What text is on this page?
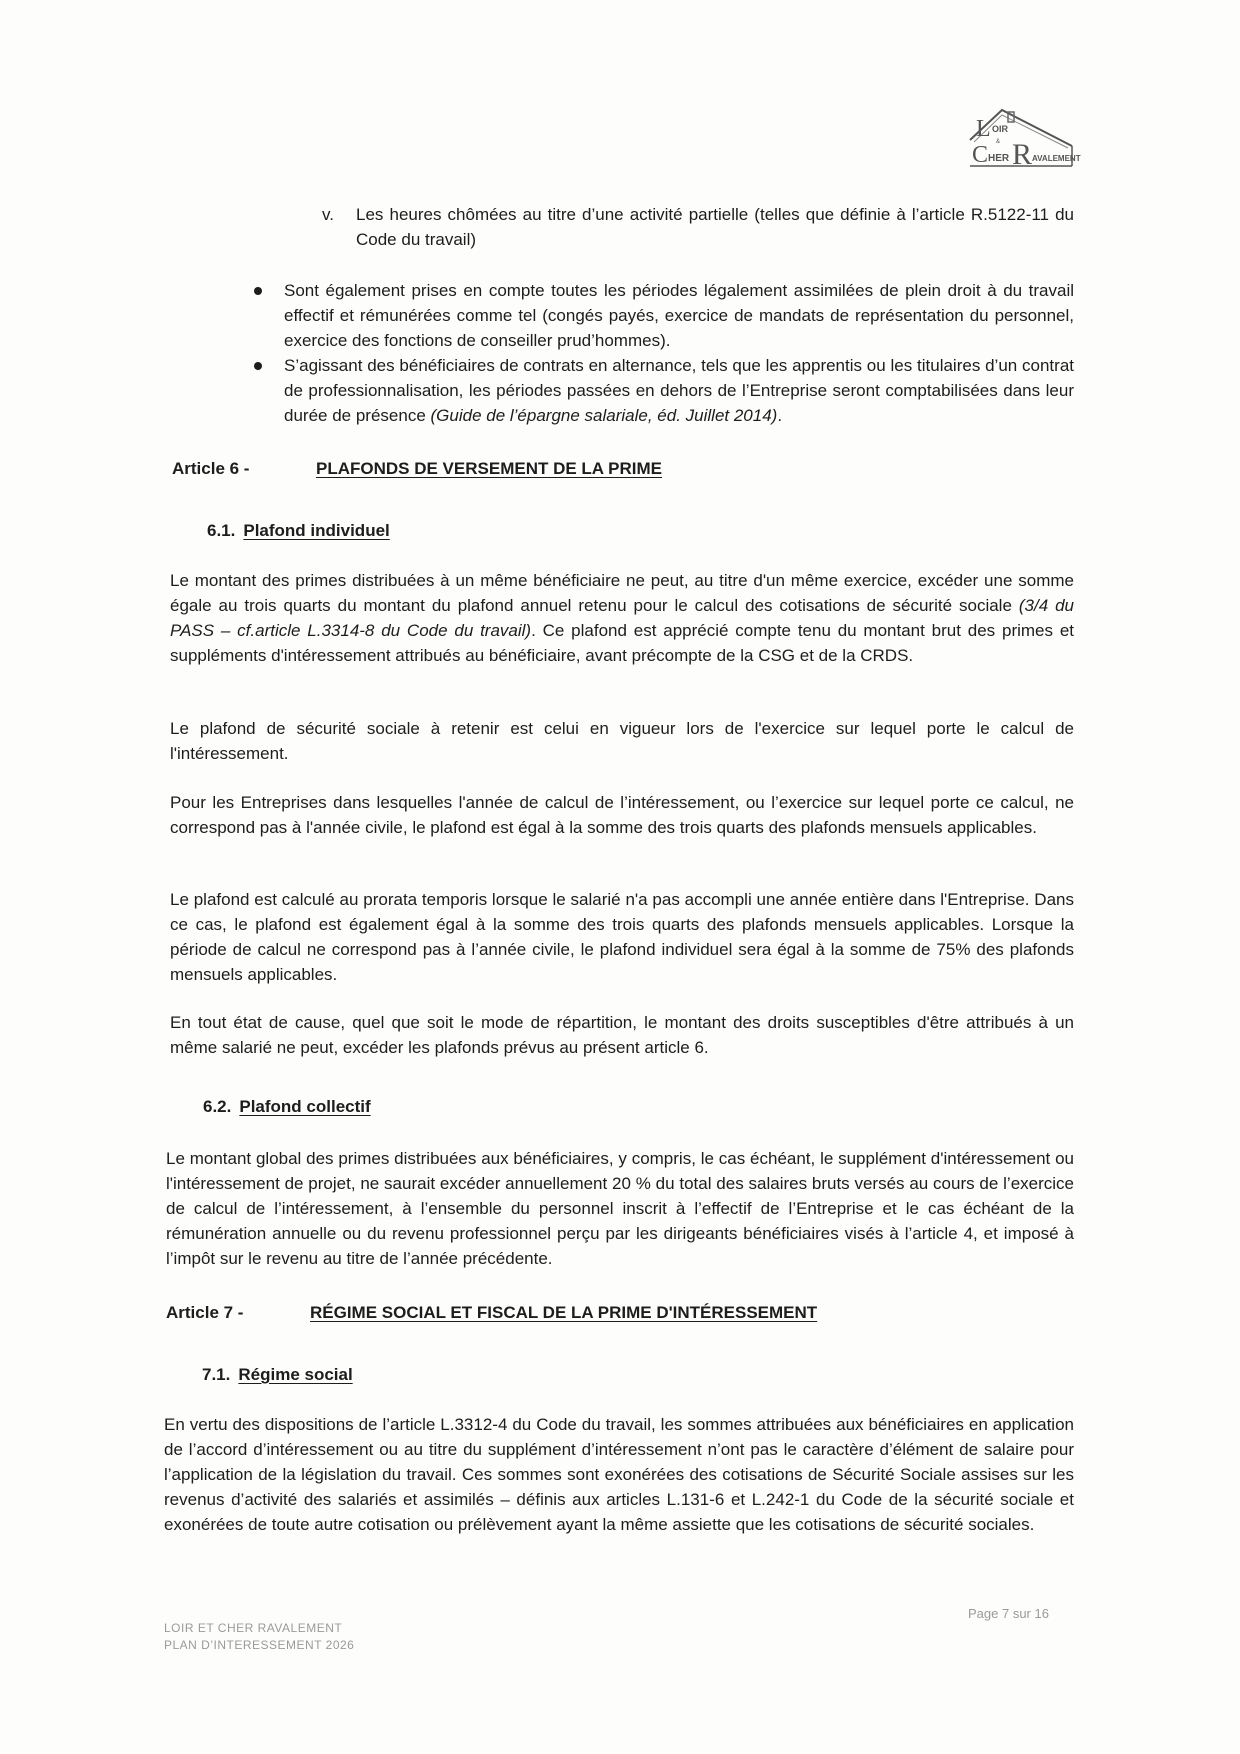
L OIR
&
C HER R AVALEMENT
v. Les heures chômées au titre d’une activité partielle (telles que définie à l’article R.5122-11 du Code du travail)
Sont également prises en compte toutes les périodes légalement assimilées de plein droit à du travail effectif et rémunérées comme tel (congés payés, exercice de mandats de représentation du personnel, exercice des fonctions de conseiller prud’hommes).
S’agissant des bénéficiaires de contrats en alternance, tels que les apprentis ou les titulaires d’un contrat de professionnalisation, les périodes passées en dehors de l’Entreprise seront comptabilisées dans leur durée de présence (Guide de l’épargne salariale, éd. Juillet 2014).
Article 6 -	PLAFONDS DE VERSEMENT DE LA PRIME
6.1. Plafond individuel
Le montant des primes distribuées à un même bénéficiaire ne peut, au titre d'un même exercice, excéder une somme égale au trois quarts du montant du plafond annuel retenu pour le calcul des cotisations de sécurité sociale (3/4 du PASS – cf.article L.3314-8 du Code du travail). Ce plafond est apprécié compte tenu du montant brut des primes et suppléments d'intéressement attribués au bénéficiaire, avant précompte de la CSG et de la CRDS.
Le plafond de sécurité sociale à retenir est celui en vigueur lors de l'exercice sur lequel porte le calcul de l'intéressement.
Pour les Entreprises dans lesquelles l'année de calcul de l’intéressement, ou l’exercice sur lequel porte ce calcul, ne correspond pas à l'année civile, le plafond est égal à la somme des trois quarts des plafonds mensuels applicables.
Le plafond est calculé au prorata temporis lorsque le salarié n'a pas accompli une année entière dans l'Entreprise. Dans ce cas, le plafond est également égal à la somme des trois quarts des plafonds mensuels applicables. Lorsque la période de calcul ne correspond pas à l’année civile, le plafond individuel sera égal à la somme de 75% des plafonds mensuels applicables.
En tout état de cause, quel que soit le mode de répartition, le montant des droits susceptibles d'être attribués à un même salarié ne peut, excéder les plafonds prévus au présent article 6.
6.2. Plafond collectif
Le montant global des primes distribuées aux bénéficiaires, y compris, le cas échéant, le supplément d'intéressement ou l'intéressement de projet, ne saurait excéder annuellement 20 % du total des salaires bruts versés au cours de l’exercice de calcul de l’intéressement, à l’ensemble du personnel inscrit à l’effectif de l’Entreprise et le cas échéant de la rémunération annuelle ou du revenu professionnel perçu par les dirigeants bénéficiaires visés à l’article 4, et imposé à l’impôt sur le revenu au titre de l’année précédente.
Article 7 -	RÉGIME SOCIAL ET FISCAL DE LA PRIME D'INTÉRESSEMENT
7.1. Régime social
En vertu des dispositions de l’article L.3312-4 du Code du travail, les sommes attribuées aux bénéficiaires en application de l’accord d’intéressement ou au titre du supplément d’intéressement n’ont pas le caractère d’élément de salaire pour l’application de la législation du travail. Ces sommes sont exonérées des cotisations de Sécurité Sociale assises sur les revenus d’activité des salariés et assimilés – définis aux articles L.131-6 et L.242-1 du Code de la sécurité sociale et exonérées de toute autre cotisation ou prélèvement ayant la même assiette que les cotisations de sécurité sociales.
LOIR ET CHER RAVALEMENT
PLAN D’INTERESSEMENT 2026
Page 7 sur 16
